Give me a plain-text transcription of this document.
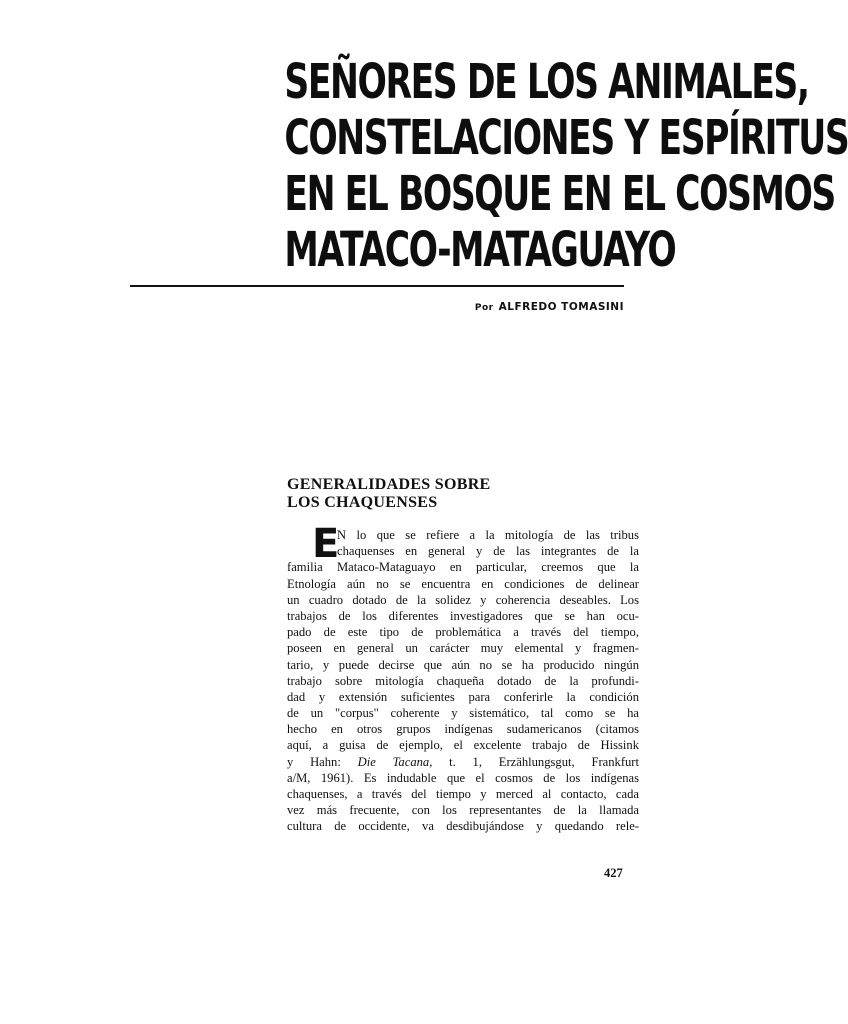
SEÑORES DE LOS ANIMALES,
CONSTELACIONES Y ESPÍRITUS
EN EL BOSQUE EN EL COSMOS
MATACO-MATAGUAYO
Por ALFREDO TOMASINI
GENERALIDADES SOBRE
LOS CHAQUENSES
E
N lo que se refiere a la mitología de las tribus
chaquenses en general y de las integrantes de la
familia Mataco-Mataguayo en particular, creemos que la
Etnología aún no se encuentra en condiciones de delinear
un cuadro dotado de la solidez y coherencia deseables. Los
trabajos de los diferentes investigadores que se han ocu-
pado de este tipo de problemática a través del tiempo,
poseen en general un carácter muy elemental y fragmen-
tario, y puede decirse que aún no se ha producido ningún
trabajo sobre mitología chaqueña dotado de la profundi-
dad y extensión suficientes para conferirle la condición
de un "corpus" coherente y sistemático, tal como se ha
hecho en otros grupos indígenas sudamericanos (citamos
aquí, a guisa de ejemplo, el excelente trabajo de Hissink
y Hahn: Die Tacana, t. 1, Erzählungsgut, Frankfurt
a/M, 1961). Es indudable que el cosmos de los indígenas
chaquenses, a través del tiempo y merced al contacto, cada
vez más frecuente, con los representantes de la llamada
cultura de occidente, va desdibujándose y quedando rele-
427
